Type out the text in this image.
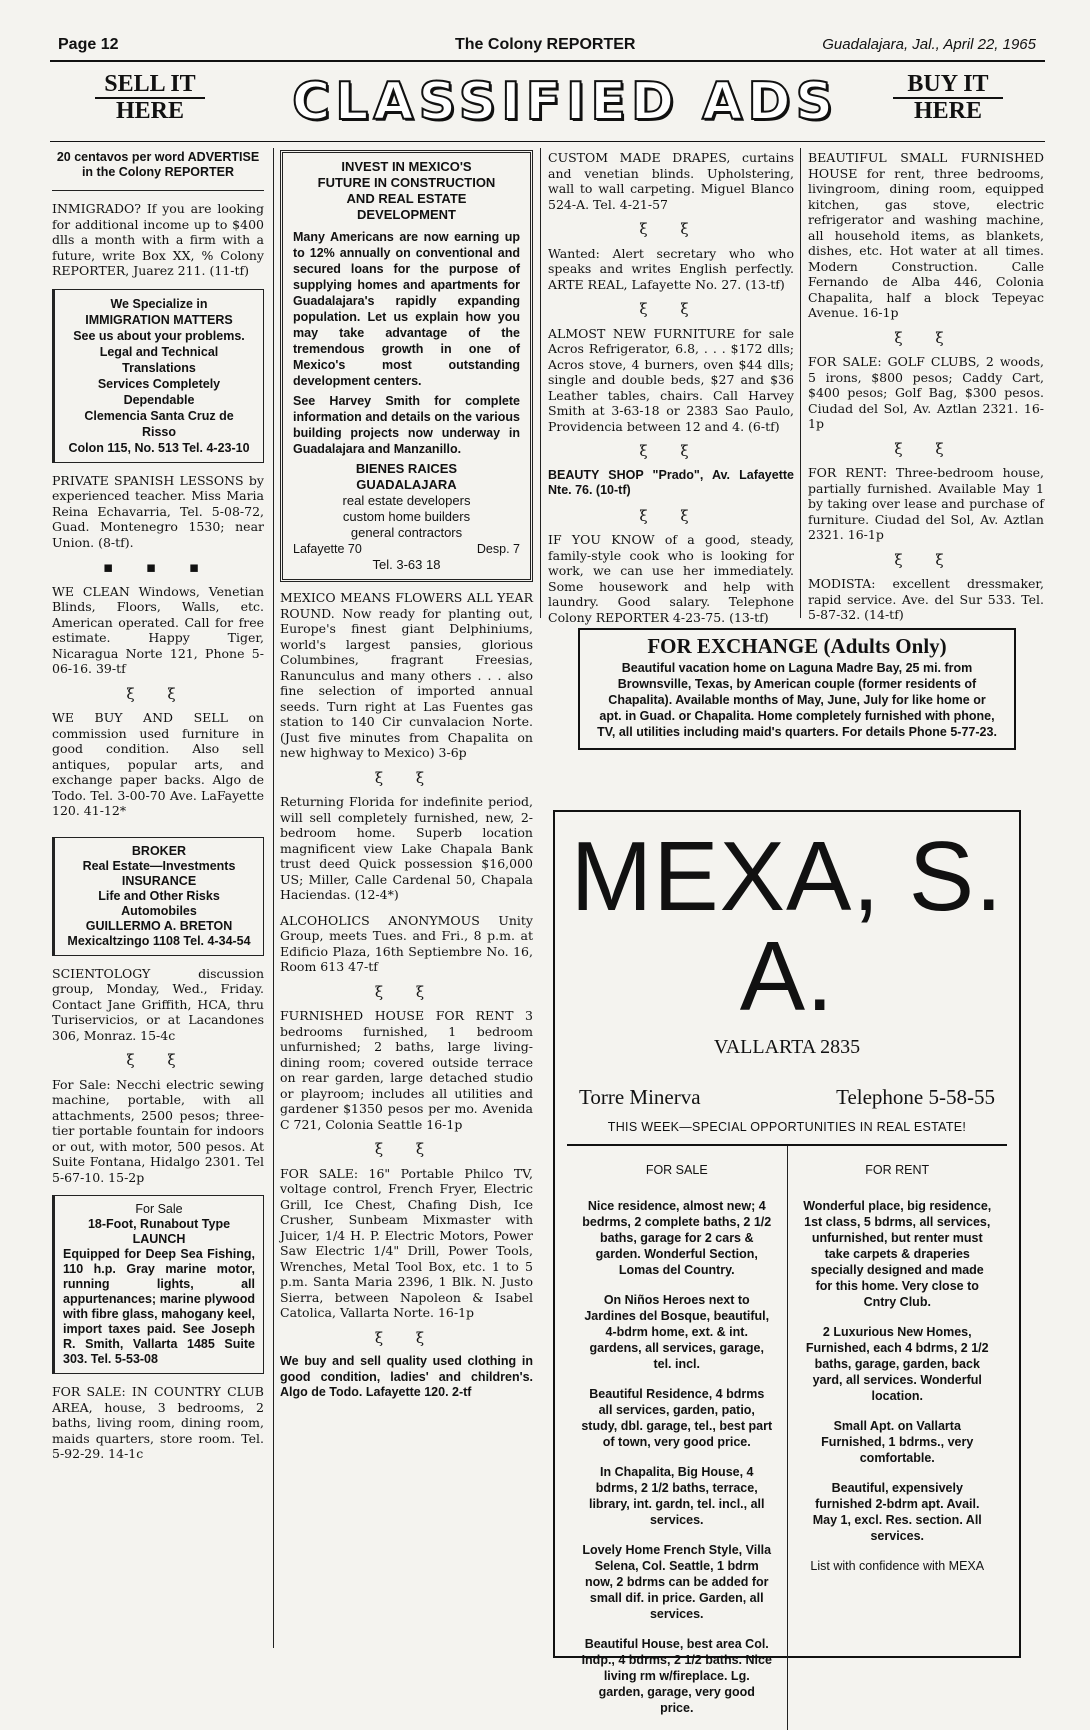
Page 12	The Colony REPORTER	Guadalajara, Jal., April 22, 1965
SELL IT
HERE	CLASSIFIED ADS	BUY IT
HERE

20 centavos per word ADVERTISE in the Colony REPORTER

INMIGRADO? If you are looking for additional income up to $400 dlls a month with a firm with a future, write Box XX, % Colony REPORTER, Juarez 211. (11-tf)

We Specialize in
IMMIGRATION MATTERS
See us about your problems.
Legal and Technical
Translations
Services Completely
Dependable
Clemencia Santa Cruz de
Risso
Colon 115, No. 513 Tel. 4-23-10

PRIVATE SPANISH LESSONS by experienced teacher. Miss Maria Reina Echavarria, Tel. 5-08-72, Guad. Montenegro 1530; near Union. (8-tf).

▪ ▪ ▪

WE CLEAN Windows, Venetian Blinds, Floors, Walls, etc. American operated. Call for free estimate. Happy Tiger, Nicaragua Norte 121, Phone 5-06-16. 39-tf

ξ ξ

WE BUY AND SELL on commission used furniture in good condition. Also sell antiques, popular arts, and exchange paper backs. Algo de Todo. Tel. 3-00-70 Ave. LaFayette 120. 41-12*

BROKER
Real Estate—Investments
INSURANCE
Life and Other Risks
Automobiles
GUILLERMO A. BRETON
Mexicaltzingo 1108 Tel. 4-34-54

SCIENTOLOGY discussion group, Monday, Wed., Friday. Contact Jane Griffith, HCA, thru Turiservicios, or at Lacandones 306, Monraz. 15-4c

ξ ξ

For Sale: Necchi electric sewing machine, portable, with all attachments, 2500 pesos; three-tier portable fountain for indoors or out, with motor, 500 pesos. At Suite Fontana, Hidalgo 2301. Tel 5-67-10. 15-2p

For Sale
18-Foot, Runabout Type
LAUNCH
Equipped for Deep Sea Fishing, 110 h.p. Gray marine motor, running lights, all appurtenances; marine plywood with fibre glass, mahogany keel, import taxes paid. See Joseph R. Smith, Vallarta 1485 Suite 303. Tel. 5-53-08

FOR SALE: IN COUNTRY CLUB AREA, house, 3 bedrooms, 2 baths, living room, dining room, maids quarters, store room. Tel. 5-92-29. 14-1c

INVEST IN MEXICO'S
FUTURE IN CONSTRUCTION
AND REAL ESTATE
DEVELOPMENT
Many Americans are now earning up to 12% annually on conventional and secured loans for the purpose of supplying homes and apartments for Guadalajara's rapidly expanding population. Let us explain how you may take advantage of the tremendous growth in one of Mexico's most outstanding development centers.
See Harvey Smith for complete information and details on the various building projects now underway in Guadalajara and Manzanillo.
BIENES RAICES
GUADALAJARA
real estate developers
custom home builders
general contractors
Lafayette 70	Desp. 7
Tel. 3-63 18

MEXICO MEANS FLOWERS ALL YEAR ROUND. Now ready for planting out, Europe's finest giant Delphiniums, world's largest pansies, glorious Columbines, fragrant Freesias, Ranunculus and many others . . . also fine selection of imported annual seeds. Turn right at Las Fuentes gas station to 140 Cir cunvalacion Norte. (Just five minutes from Chapalita on new highway to Mexico) 3-6p

ξ ξ

Returning Florida for indefinite period, will sell completely furnished, new, 2-bedroom home. Superb location magnificent view Lake Chapala Bank trust deed Quick possession $16,000 US; Miller, Calle Cardenal 50, Chapala Haciendas. (12-4*)

ALCOHOLICS ANONYMOUS Unity Group, meets Tues. and Fri., 8 p.m. at Edificio Plaza, 16th Septiembre No. 16, Room 613 47-tf

ξ ξ

FURNISHED HOUSE FOR RENT 3 bedrooms furnished, 1 bedroom unfurnished; 2 baths, large living-dining room; covered outside terrace on rear garden, large detached studio or playroom; includes all utilities and gardener $1350 pesos per mo. Avenida C 721, Colonia Seattle 16-1p

ξ ξ

FOR SALE: 16" Portable Philco TV, voltage control, French Fryer, Electric Grill, Ice Chest, Chafing Dish, Ice Crusher, Sunbeam Mixmaster with Juicer, 1/4 H. P. Electric Motors, Power Saw Electric 1/4" Drill, Power Tools, Wrenches, Metal Tool Box, etc. 1 to 5 p.m. Santa Maria 2396, 1 Blk. N. Justo Sierra, between Napoleon & Isabel Catolica, Vallarta Norte. 16-1p

ξ ξ

We buy and sell quality used clothing in good condition, ladies' and children's. Algo de Todo. Lafayette 120. 2-tf

CUSTOM MADE DRAPES, curtains and venetian blinds. Upholstering, wall to wall carpeting. Miguel Blanco 524-A. Tel. 4-21-57

ξ ξ

Wanted: Alert secretary who who speaks and writes English perfectly. ARTE REAL, Lafayette No. 27. (13-tf)

ξ ξ

ALMOST NEW FURNITURE for sale Acros Refrigerator, 6.8, . . . $172 dlls; Acros stove, 4 burners, oven $44 dlls; single and double beds, $27 and $36 Leather tables, chairs. Call Harvey Smith at 3-63-18 or 2383 Sao Paulo, Providencia between 12 and 4. (6-tf)

ξ ξ

BEAUTY SHOP "Prado", Av. Lafayette Nte. 76. (10-tf)

ξ ξ

IF YOU KNOW of a good, steady, family-style cook who is looking for work, we can use her immediately. Some housework and help with laundry. Good salary. Telephone Colony REPORTER 4-23-75. (13-tf)

BEAUTIFUL SMALL FURNISHED HOUSE for rent, three bedrooms, livingroom, dining room, equipped kitchen, gas stove, electric refrigerator and washing machine, all household items, as blankets, dishes, etc. Hot water at all times. Modern Construction. Calle Fernando de Alba 446, Colonia Chapalita, half a block Tepeyac Avenue. 16-1p

ξ ξ

FOR SALE: GOLF CLUBS, 2 woods, 5 irons, $800 pesos; Caddy Cart, $400 pesos; Golf Bag, $300 pesos. Ciudad del Sol, Av. Aztlan 2321. 16-1p

ξ ξ

FOR RENT: Three-bedroom house, partially furnished. Available May 1 by taking over lease and purchase of furniture. Ciudad del Sol, Av. Aztlan 2321. 16-1p

ξ ξ

MODISTA: excellent dressmaker, rapid service. Ave. del Sur 533. Tel. 5-87-32. (14-tf)

FOR EXCHANGE (Adults Only)
Beautiful vacation home on Laguna Madre Bay, 25 mi. from Brownsville, Texas, by American couple (former residents of Chapalita). Available months of May, June, July for like home or apt. in Guad. or Chapalita. Home completely furnished with phone, TV, all utilities including maid's quarters. For details Phone 5-77-23.
MEXA, S. A.
VALLARTA 2835
Torre Minerva	Telephone 5-58-55
THIS WEEK—SPECIAL OPPORTUNITIES IN REAL ESTATE!
FOR SALE

Nice residence, almost new; 4 bedrms, 2 complete baths, 2 1/2 baths, garage for 2 cars & garden. Wonderful Section, Lomas del Country.

On Niños Heroes next to Jardines del Bosque, beautiful, 4-bdrm home, ext. & int. gardens, all services, garage, tel. incl.

Beautiful Residence, 4 bdrms all services, garden, patio, study, dbl. garage, tel., best part of town, very good price.

In Chapalita, Big House, 4 bdrms, 2 1/2 baths, terrace, library, int. gardn, tel. incl., all services.

Lovely Home French Style, Villa Selena, Col. Seattle, 1 bdrm now, 2 bdrms can be added for small dif. in price. Garden, all services.

Beautiful House, best area Col. Indp., 4 bdrms, 2 1/2 baths. Nice living rm w/fireplace. Lg. garden, garage, very good price.

FOR RENT

Wonderful place, big residence, 1st class, 5 bdrms, all services, unfurnished, but renter must take carpets & draperies specially designed and made for this home. Very close to Cntry Club.

2 Luxurious New Homes, Furnished, each 4 bdrms, 2 1/2 baths, garage, garden, back yard, all services. Wonderful location.

Small Apt. on Vallarta Furnished, 1 bdrms., very comfortable.

Beautiful, expensively furnished 2-bdrm apt. Avail. May 1, excl. Res. section. All services.

List with confidence with MEXA
